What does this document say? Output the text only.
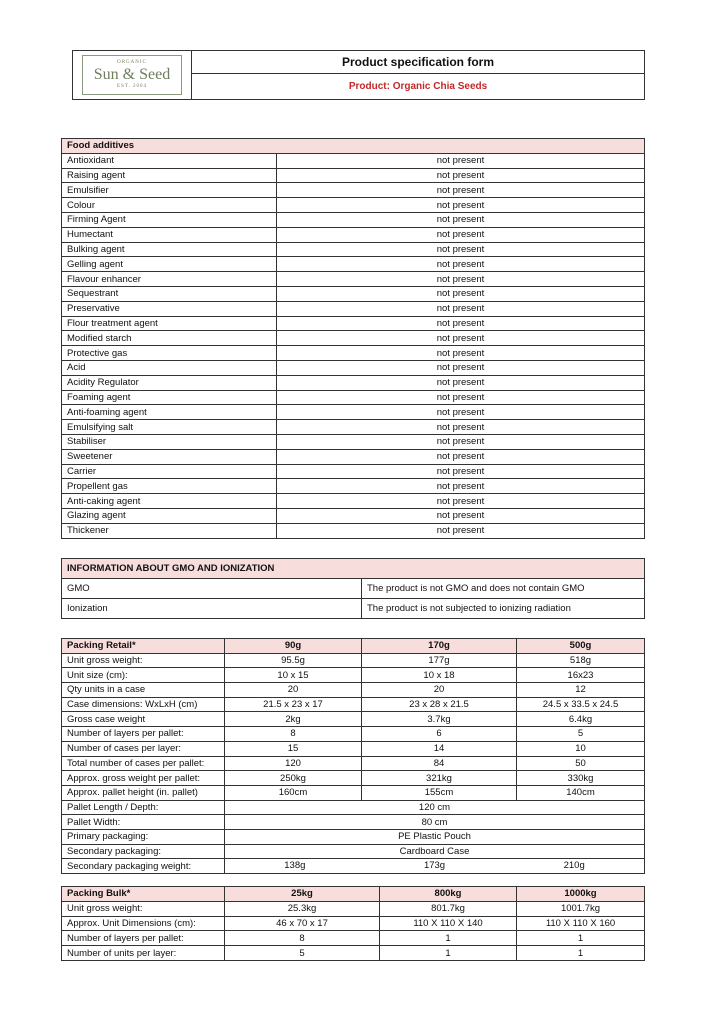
ORGANIC
Sun & Seed
EST. 2004
Product specification form
Product: Organic Chia Seeds
Food additives	
Antioxidant	not present
Raising agent	not present
Emulsifier	not present
Colour	not present
Firming Agent	not present
Humectant	not present
Bulking agent	not present
Gelling agent	not present
Flavour enhancer	not present
Sequestrant	not present
Preservative	not present
Flour treatment agent	not present
Modified starch	not present
Protective gas	not present
Acid	not present
Acidity Regulator	not present
Foaming agent	not present
Anti-foaming agent	not present
Emulsifying salt	not present
Stabiliser	not present
Sweetener	not present
Carrier	not present
Propellent gas	not present
Anti-caking agent	not present
Glazing agent	not present
Thickener	not present
INFORMATION ABOUT GMO AND IONIZATION	
GMO	The product is not GMO and does not contain GMO
Ionization	The product is not subjected to ionizing radiation
Packing Retail*	90g	170g	500g
Unit gross weight:	95.5g	177g	518g
Unit size (cm):	10 x 15	10 x 18	16x23
Qty units in a case	20	20	12
Case dimensions: WxLxH (cm)	21.5 x 23 x 17	23 x 28 x 21.5	24.5 x 33.5 x 24.5
Gross case weight	2kg	3.7kg	6.4kg
Number of layers per pallet:	8	6	5
Number of cases per layer:	15	14	10
Total number of cases per pallet:	120	84	50
Approx. gross weight per pallet:	250kg	321kg	330kg
Approx. pallet height (in. pallet)	160cm	155cm	140cm
Pallet Length / Depth:	120 cm		
Pallet Width:	80 cm		
Primary packaging:	PE Plastic Pouch		
Secondary packaging:	Cardboard Case		
Secondary packaging weight:	138g 173g 210g		
Packing Bulk*	25kg	800kg	1000kg
Unit gross weight:	25.3kg	801.7kg	1001.7kg
Approx. Unit Dimensions (cm):	46 x 70 x 17	110 X 110 X 140	110 X 110 X 160
Number of layers per pallet:	8	1	1
Number of units per layer:	5	1	1
